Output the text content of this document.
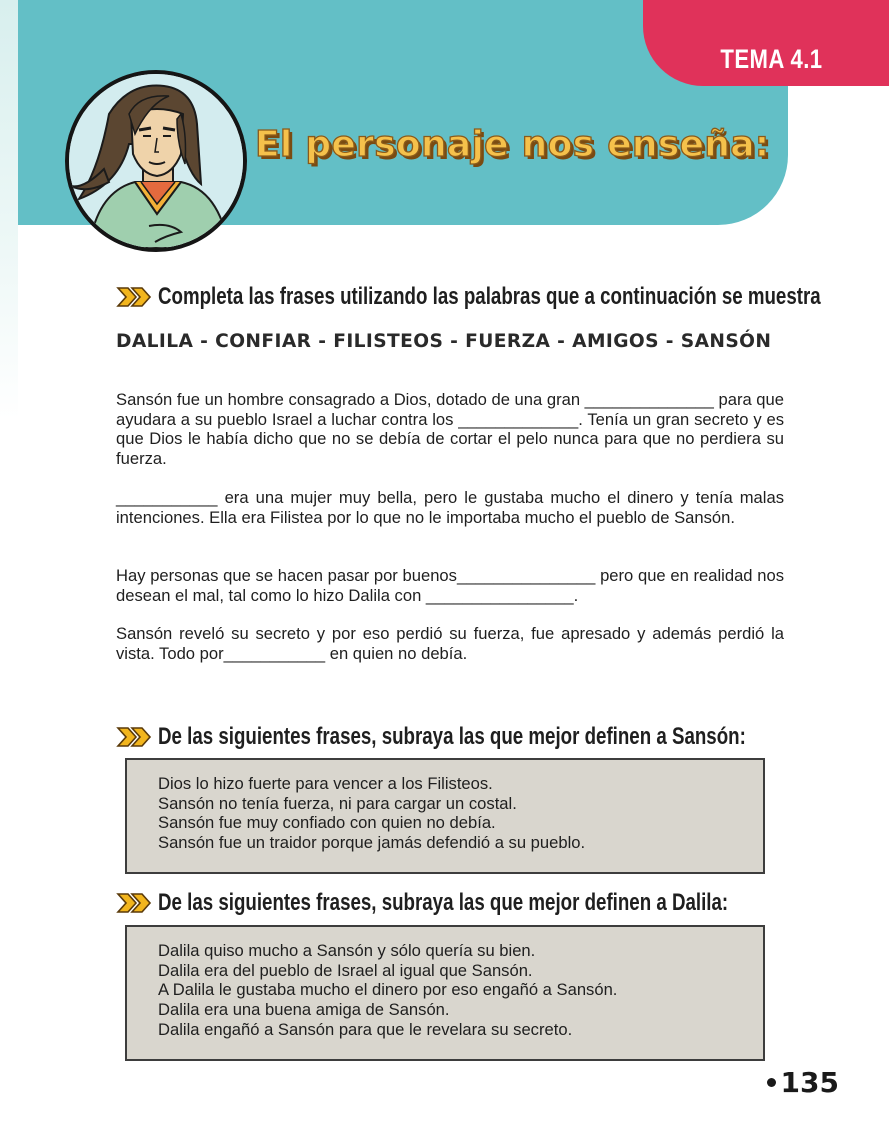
TEMA 4.1
El personaje nos enseña:
Completa las frases utilizando las palabras que a continuación se muestra
DALILA - CONFIAR - FILISTEOS - FUERZA - AMIGOS - SANSÓN

Sansón fue un hombre consagrado a Dios, dotado de una gran ______________ para que ayudara a su pueblo Israel a luchar contra los _____________. Tenía un gran secreto y es que Dios le había dicho que no se debía de cortar el pelo nunca para que no perdiera su fuerza.

___________ era una mujer muy bella, pero le gustaba mucho el dinero y tenía malas intenciones. Ella era Filistea por lo que no le importaba mucho el pueblo de Sansón.

Hay personas que se hacen pasar por buenos_______________ pero que en realidad nos desean el mal, tal como lo hizo Dalila con ________________.

Sansón reveló su secreto y por eso perdió su fuerza, fue apresado y además perdió la vista. Todo por___________ en quien no debía.

De las siguientes frases, subraya las que mejor definen a Sansón:
Dios lo hizo fuerte para vencer a los Filisteos.
Sansón no tenía fuerza, ni para cargar un costal.
Sansón fue muy confiado con quien no debía.
Sansón fue un traidor porque jamás defendió a su pueblo.
De las siguientes frases, subraya las que mejor definen a Dalila:
Dalila quiso mucho a Sansón y sólo quería su bien.
Dalila era del pueblo de Israel al igual que Sansón.
A Dalila le gustaba mucho el dinero por eso engañó a Sansón.
Dalila era una buena amiga de Sansón.
Dalila engañó a Sansón para que le revelara su secreto.
135
